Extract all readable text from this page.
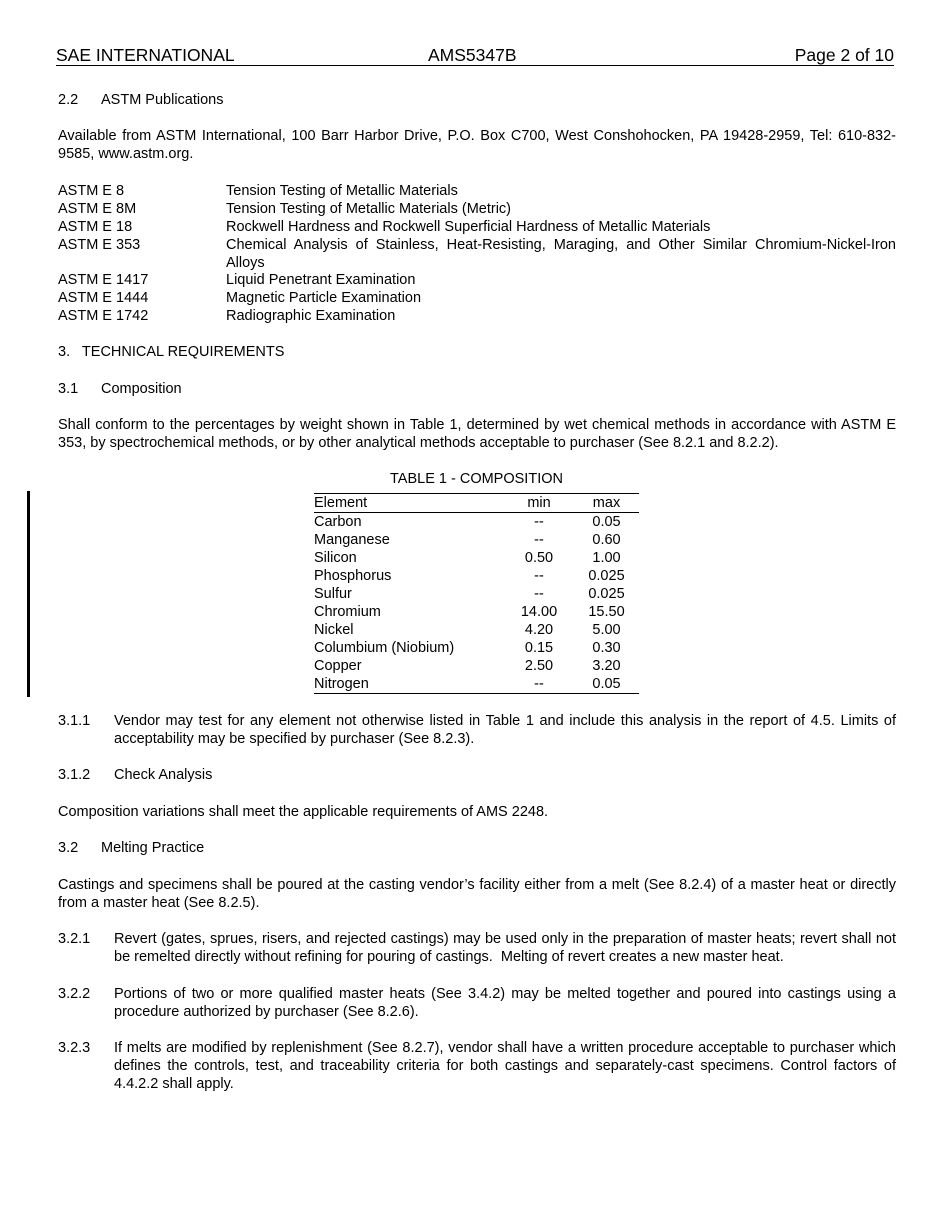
SAE INTERNATIONAL	AMS5347B	Page 2 of 10
2.2 ASTM Publications
Available from ASTM International, 100 Barr Harbor Drive, P.O. Box C700, West Conshohocken, PA 19428-2959, Tel: 610-832-9585, www.astm.org.
ASTM E 8	Tension Testing of Metallic Materials
ASTM E 8M	Tension Testing of Metallic Materials (Metric)
ASTM E 18	Rockwell Hardness and Rockwell Superficial Hardness of Metallic Materials
ASTM E 353	Chemical Analysis of Stainless, Heat-Resisting, Maraging, and Other Similar Chromium-Nickel-Iron Alloys
ASTM E 1417	Liquid Penetrant Examination
ASTM E 1444	Magnetic Particle Examination
ASTM E 1742	Radiographic Examination
3.   TECHNICAL REQUIREMENTS
3.1 Composition
Shall conform to the percentages by weight shown in Table 1, determined by wet chemical methods in accordance with ASTM E 353, by spectrochemical methods, or by other analytical methods acceptable to purchaser (See 8.2.1 and 8.2.2).
TABLE 1 - COMPOSITION
Element	min	max
Carbon	--	0.05
Manganese	--	0.60
Silicon	0.50	1.00
Phosphorus	--	0.025
Sulfur	--	0.025
Chromium	14.00	15.50
Nickel	4.20	5.00
Columbium (Niobium)	0.15	0.30
Copper	2.50	3.20
Nitrogen	--	0.05
3.1.1 Vendor may test for any element not otherwise listed in Table 1 and include this analysis in the report of 4.5. Limits of acceptability may be specified by purchaser (See 8.2.3).
3.1.2 Check Analysis
Composition variations shall meet the applicable requirements of AMS 2248.
3.2 Melting Practice
Castings and specimens shall be poured at the casting vendor’s facility either from a melt (See 8.2.4) of a master heat or directly from a master heat (See 8.2.5).
3.2.1 Revert (gates, sprues, risers, and rejected castings) may be used only in the preparation of master heats; revert shall not be remelted directly without refining for pouring of castings.  Melting of revert creates a new master heat.
3.2.2 Portions of two or more qualified master heats (See 3.4.2) may be melted together and poured into castings using a procedure authorized by purchaser (See 8.2.6).
3.2.3 If melts are modified by replenishment (See 8.2.7), vendor shall have a written procedure acceptable to purchaser which defines the controls, test, and traceability criteria for both castings and separately-cast specimens. Control factors of 4.4.2.2 shall apply.
